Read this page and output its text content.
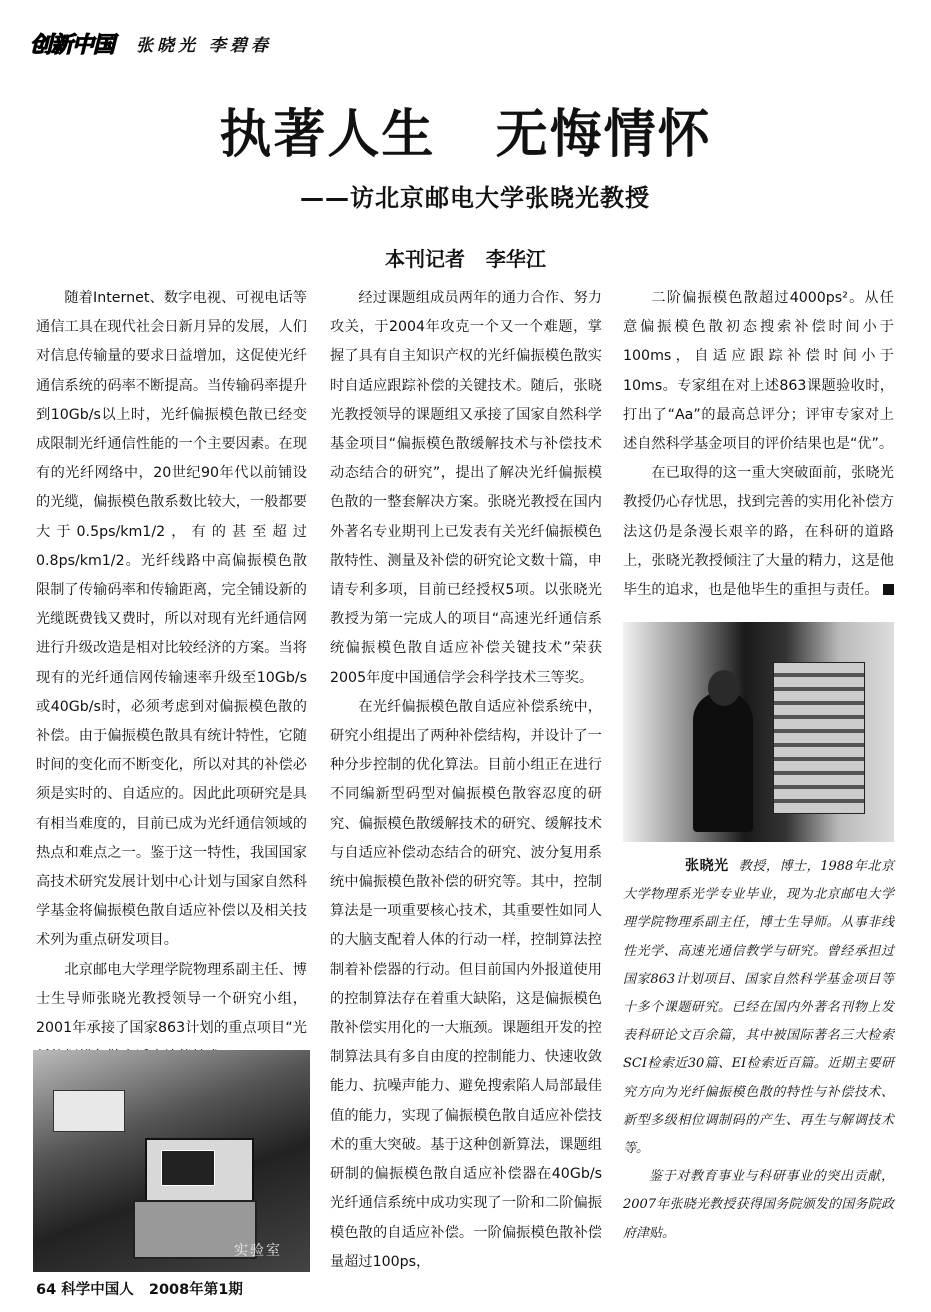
创新中国 张晓光 李碧春
执著人生   无悔情怀
——访北京邮电大学张晓光教授
本刊记者   李华江

随着Internet、数字电视、可视电话等通信工具在现代社会日新月异的发展，人们对信息传输量的要求日益增加，这促使光纤通信系统的码率不断提高。当传输码率提升到10Gb/s以上时，光纤偏振模色散已经变成限制光纤通信性能的一个主要因素。在现有的光纤网络中，20世纪90年代以前铺设的光缆，偏振模色散系数比较大，一般都要大于0.5ps/km1/2，有的甚至超过0.8ps/km1/2。光纤线路中高偏振模色散限制了传输码率和传输距离，完全铺设新的光缆既费钱又费时，所以对现有光纤通信网进行升级改造是相对比较经济的方案。当将现有的光纤通信网传输速率升级至10Gb/s或40Gb/s时，必须考虑到对偏振模色散的补偿。由于偏振模色散具有统计特性，它随时间的变化而不断变化，所以对其的补偿必须是实时的、自适应的。因此此项研究是具有相当难度的，目前已成为光纤通信领域的热点和难点之一。鉴于这一特性，我国国家高技术研究发展计划中心计划与国家自然科学基金将偏振模色散自适应补偿以及相关技术列为重点研发项目。

北京邮电大学理学院物理系副主任、博士生导师张晓光教授领导一个研究小组，2001年承接了国家863计划的重点项目“光

实验室

经过课题组成员两年的通力合作、努力攻关，于2004年攻克一个又一个难题，掌握了具有自主知识产权的光纤偏振模色散实时自适应跟踪补偿的关键技术。随后，张晓光教授领导的课题组又承接了国家自然科学基金项目“偏振模色散缓解技术与补偿技术动态结合的研究”，提出了解决光纤偏振模色散的一整套解决方案。张晓光教授在国内外著名专业期刊上已发表有关光纤偏振模色散特性、测量及补偿的研究论文数十篇，申请专利多项，目前已经授权5项。以张晓光教授为第一完成人的项目“高速光纤通信系统偏振模色散自适应补偿关键技术”荣获2005年度中国通信学会科学技术三等奖。

在光纤偏振模色散自适应补偿系统中，研究小组提出了两种补偿结构，并设计了一种分步控制的优化算法。目前小组正在进行不同编新型码型对偏振模色散容忍度的研究、偏振模色散缓解技术的研究、缓解技术与自适应补偿动态结合的研究、波分复用系统中偏振模色散补偿的研究等。其中，控制算法是一项重要核心技术，其重要性如同人的大脑支配着人体的行动一样，控制算法控制着补偿器的行动。但目前国内外报道使用的控制算法存在着重大缺陷，这是偏振模色散补偿实用化的一大瓶颈。课题组开发的控制算法具有多自由度的控制能力、快速收敛能力、抗噪声能力、避免搜索陷人局部最佳值的能力，实现了偏振模色散自适应补偿技术的重大突破。基于这种创新算法，课题组研制的偏振模色散自适应补偿器在40Gb/s光纤通信系统中成功实现了一阶和二阶偏振模色散的自适应补偿。一阶偏振模色散补偿量超过100ps，

二阶偏振模色散超过4000ps²。从任意偏振模色散初态搜索补偿时间小于100ms，自适应跟踪补偿时间小于10ms。专家组在对上述863课题验收时，打出了“Aa”的最高总评分；评审专家对上述自然科学基金项目的评价结果也是“优”。

在已取得的这一重大突破面前，张晓光教授仍心存忧思，找到完善的实用化补偿方法这仍是条漫长艰辛的路，在科研的道路上，张晓光教授倾注了大量的精力，这是他毕生的追求，也是他毕生的重担与责任。

张晓光 教授，博士，1988年北京大学物理系光学专业毕业，现为北京邮电大学理学院物理系副主任，博士生导师。从事非线性光学、高速光通信教学与研究。曾经承担过国家863计划项目、国家自然科学基金项目等十多个课题研究。已经在国内外著名刊物上发表科研论文百余篇，其中被国际著名三大检索SCI检索近30篇、EI检索近百篇。近期主要研究方向为光纤偏振模色散的特性与补偿技术、新型多级相位调制码的产生、再生与解调技术等。

鉴于对教育事业与科研事业的突出贡献，2007年张晓光教授获得国务院颁发的国务院政府津贴。

64 科学中国人   2008年第1期
